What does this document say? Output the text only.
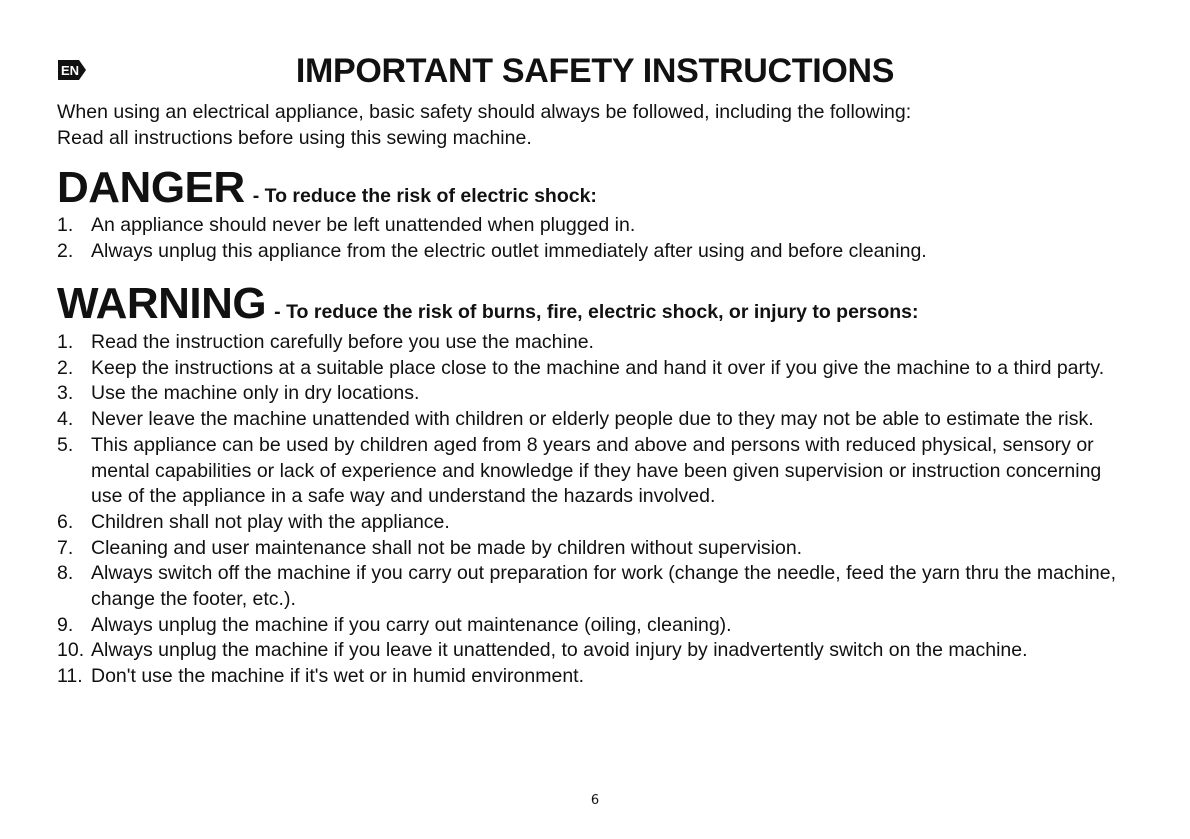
EN	IMPORTANT SAFETY INSTRUCTIONS

When using an electrical appliance, basic safety should always be followed, including the following:

Read all instructions before using this sewing machine.

DANGER - To reduce the risk of electric shock:
1. An appliance should never be left unattended when plugged in.
2. Always unplug this appliance from the electric outlet immediately after using and before cleaning.
WARNING - To reduce the risk of burns, fire, electric shock, or injury to persons:
1. Read the instruction carefully before you use the machine.
2. Keep the instructions at a suitable place close to the machine and hand it over if you give the machine to a third party.
3. Use the machine only in dry locations.
4. Never leave the machine unattended with children or elderly people due to they may not be able to estimate the risk.
5. This appliance can be used by children aged from 8 years and above and persons with reduced physical, sensory or mental capabilities or lack of experience and knowledge if they have been given supervision or instruction concerning use of the appliance in a safe way and understand the hazards involved.
6. Children shall not play with the appliance.
7. Cleaning and user maintenance shall not be made by children without supervision.
8. Always switch off the machine if you carry out preparation for work (change the needle, feed the yarn thru the machine, change the footer, etc.).
9. Always unplug the machine if you carry out maintenance (oiling, cleaning).
10. Always unplug the machine if you leave it unattended, to avoid injury by inadvertently switch on the machine.
11. Don't use the machine if it's wet or in humid environment.
6
